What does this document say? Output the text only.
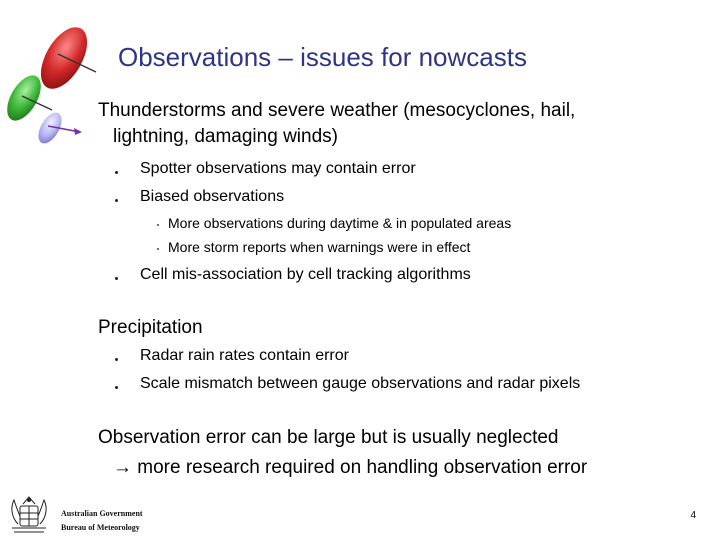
Observations – issues for nowcasts
Thunderstorms and severe weather (mesocyclones, hail,
lightning, damaging winds)
Spotter observations may contain error
Biased observations
More observations during daytime & in populated areas
More storm reports when warnings were in effect
Cell mis-association by cell tracking algorithms
Precipitation
Radar rain rates contain error
Scale mismatch between gauge observations and radar pixels
Observation error can be large but is usually neglected
→ more research required on handling observation error
Australian Government
Bureau of Meteorology
4
